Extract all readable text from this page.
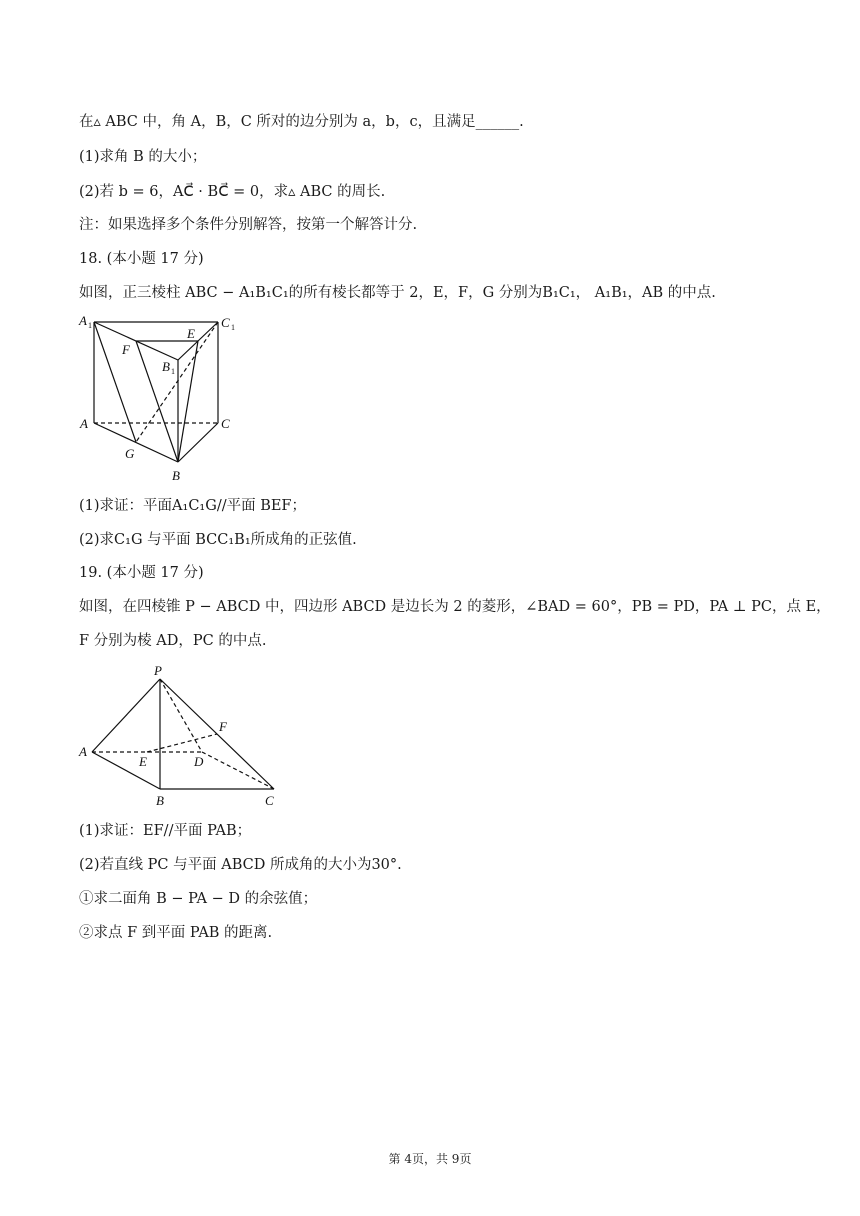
在▵ ABC 中，角 A，B，C 所对的边分别为 a，b，c，且满足______.
(1)求角 B 的大小；
(2)若 b = 6，AC⃗ · BC⃗ = 0，求▵ ABC 的周长.
注：如果选择多个条件分别解答，按第一个解答计分.
18. (本小题 17 分)
如图，正三棱柱 ABC − A₁B₁C₁的所有棱长都等于 2，E，F，G 分别为B₁C₁， A₁B₁，AB 的中点.
A 1	C 1
E
F
B 1
A	C
G
B
(1)求证：平面A₁C₁G//平面 BEF；
(2)求C₁G 与平面 BCC₁B₁所成角的正弦值.
19. (本小题 17 分)
如图，在四棱锥 P − ABCD 中，四边形 ABCD 是边长为 2 的菱形，∠BAD = 60°，PB = PD，PA ⊥ PC，点 E，
F 分别为棱 AD，PC 的中点.
P
F
A
E	D
B	C
(1)求证：EF//平面 PAB；
(2)若直线 PC 与平面 ABCD 所成角的大小为30°.
①求二面角 B − PA − D 的余弦值；
②求点 F 到平面 PAB 的距离.
第 4页，共 9页
